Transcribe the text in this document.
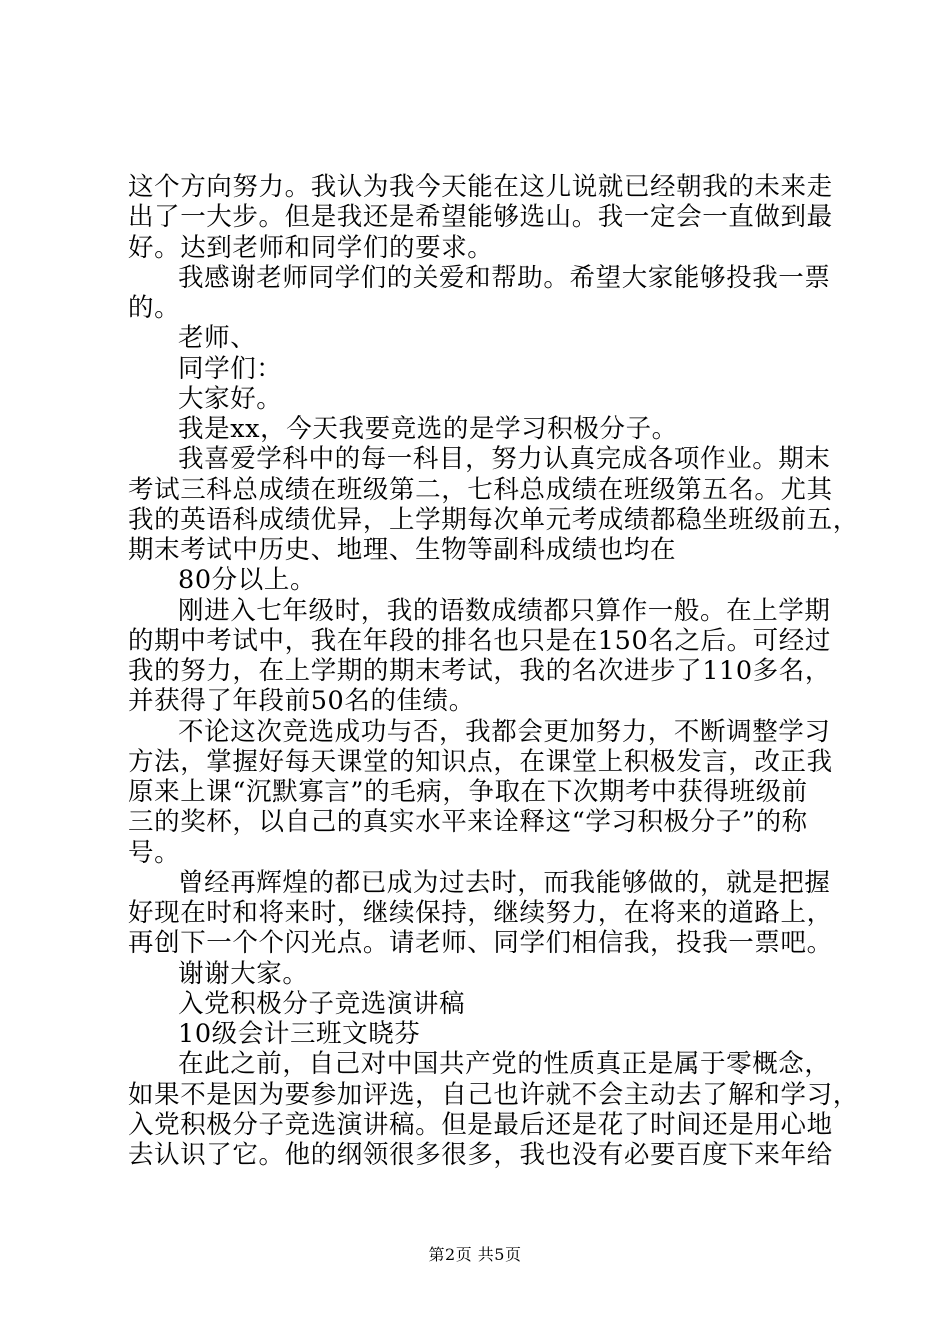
这个方向努力。我认为我今天能在这儿说就已经朝我的未来走
出了一大步。但是我还是希望能够选山。我一定会一直做到最
好。达到老师和同学们的要求。
我感谢老师同学们的关爱和帮助。希望大家能够投我一票
的。
老师、
同学们：
大家好。
我是xx，今天我要竞选的是学习积极分子。
我喜爱学科中的每一科目，努力认真完成各项作业。期末
考试三科总成绩在班级第二，七科总成绩在班级第五名。尤其
我的英语科成绩优异，上学期每次单元考成绩都稳坐班级前五，
期末考试中历史、地理、生物等副科成绩也均在
80分以上。
刚进入七年级时，我的语数成绩都只算作一般。在上学期
的期中考试中，我在年段的排名也只是在150名之后。可经过
我的努力，在上学期的期末考试，我的名次进步了110多名，
并获得了年段前50名的佳绩。
不论这次竞选成功与否，我都会更加努力，不断调整学习
方法，掌握好每天课堂的知识点，在课堂上积极发言，改正我
原来上课“沉默寡言”的毛病，争取在下次期考中获得班级前
三的奖杯，以自己的真实水平来诠释这“学习积极分子”的称
号。
曾经再辉煌的都已成为过去时，而我能够做的，就是把握
好现在时和将来时，继续保持，继续努力，在将来的道路上，
再创下一个个闪光点。请老师、同学们相信我，投我一票吧。
谢谢大家。
入党积极分子竞选演讲稿
10级会计三班文晓芬
在此之前，自己对中国共产党的性质真正是属于零概念，
如果不是因为要参加评选，自己也许就不会主动去了解和学习，
入党积极分子竞选演讲稿。但是最后还是花了时间还是用心地
去认识了它。他的纲领很多很多，我也没有必要百度下来年给
第2页 共5页
